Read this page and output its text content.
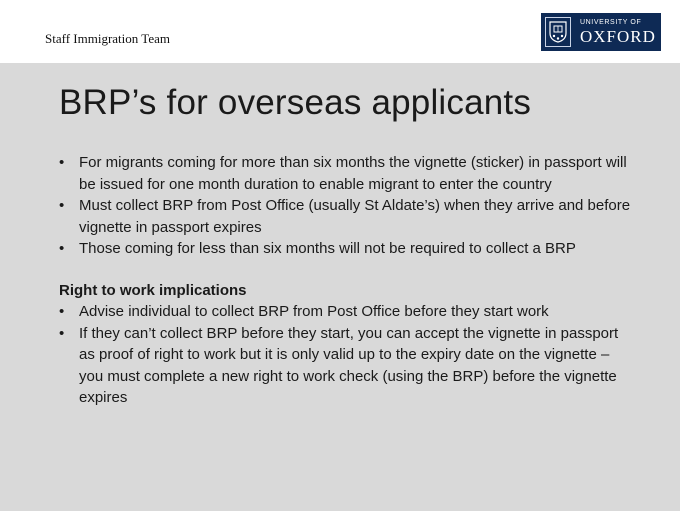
Staff Immigration Team
UNIVERSITY OF
OXFORD
BRP’s for overseas applicants
• For migrants coming for more than six months the vignette (sticker) in passport will be issued for one month duration to enable migrant to enter the country
• Must collect BRP from Post Office (usually St Aldate’s) when they arrive and before vignette in passport expires
• Those coming for less than six months will not be required to collect a BRP
Right to work implications
• Advise individual to collect BRP from Post Office before they start work
• If they can’t collect BRP before they start, you can accept the vignette in passport as proof of right to work but it is only valid up to the expiry date on the vignette – you must complete a new right to work check (using the BRP) before the vignette expires
